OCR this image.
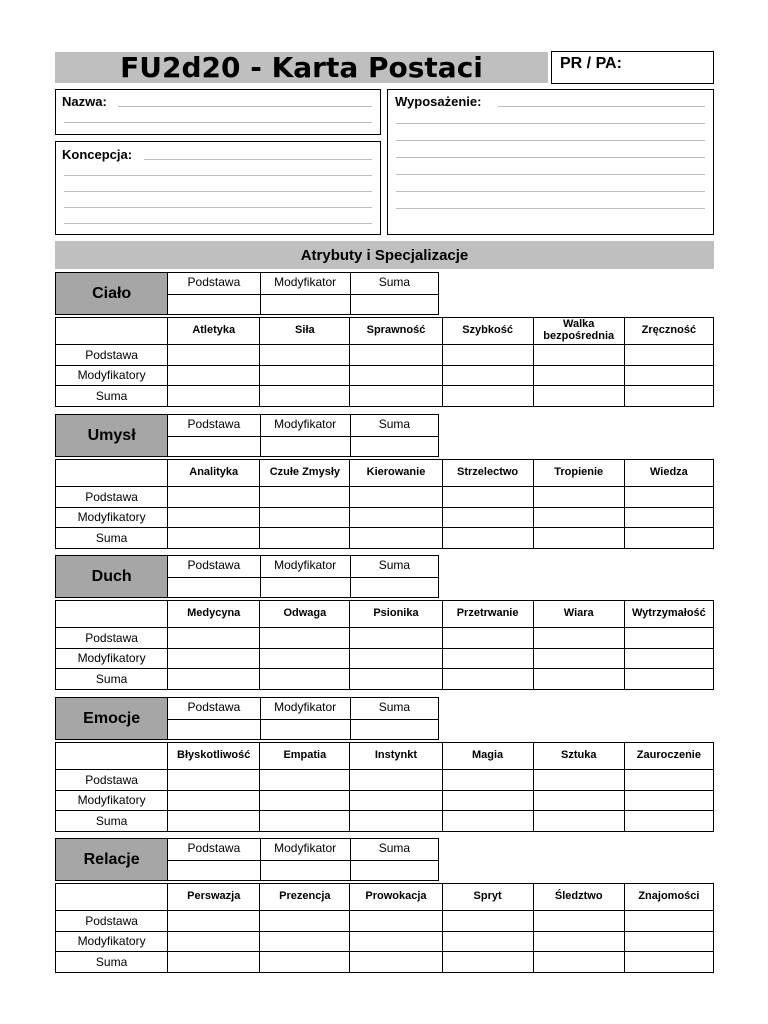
FU2d20 - Karta Postaci	PR / PA:
Nazwa:
Koncepcja:
Wyposażenie:
Atrybuty i Specjalizacje
Ciało	Podstawa	Modyfikator	Suma

	Atletyka	Siła	Sprawność	Szybkość	Walka bezpośrednia	Zręczność
Podstawa						
Modyfikatory						
Suma						
Umysł	Podstawa	Modyfikator	Suma

	Analityka	Czułe Zmysły	Kierowanie	Strzelectwo	Tropienie	Wiedza
Podstawa						
Modyfikatory						
Suma						
Duch	Podstawa	Modyfikator	Suma

	Medycyna	Odwaga	Psionika	Przetrwanie	Wiara	Wytrzymałość
Podstawa						
Modyfikatory						
Suma						
Emocje	Podstawa	Modyfikator	Suma

	Błyskotliwość	Empatia	Instynkt	Magia	Sztuka	Zauroczenie
Podstawa						
Modyfikatory						
Suma						
Relacje	Podstawa	Modyfikator	Suma

	Perswazja	Prezencja	Prowokacja	Spryt	Śledztwo	Znajomości
Podstawa						
Modyfikatory						
Suma						
